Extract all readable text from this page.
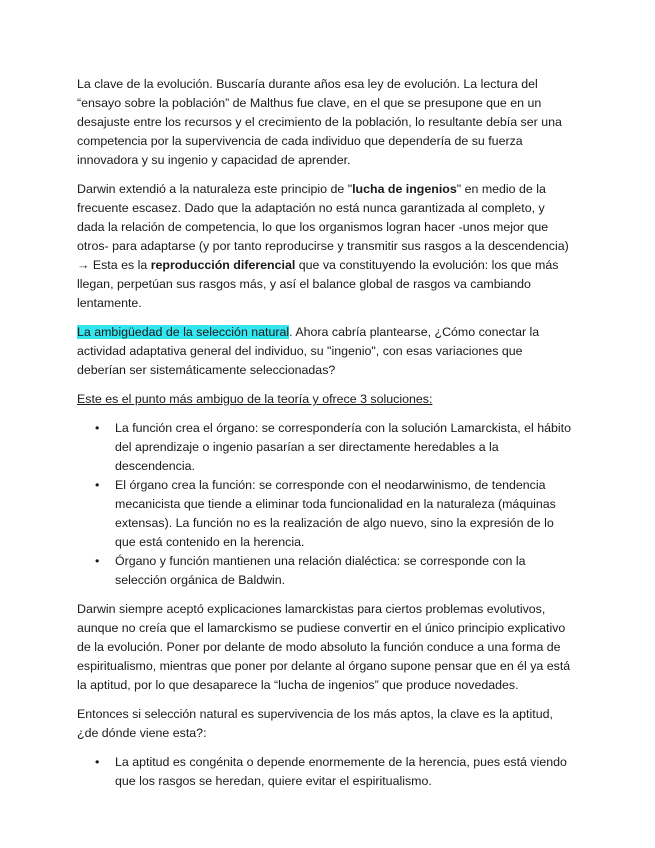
La clave de la evolución. Buscaría durante años esa ley de evolución. La lectura del “ensayo sobre la población” de Malthus fue clave, en el que se presupone que en un desajuste entre los recursos y el crecimiento de la población, lo resultante debía ser una competencia por la supervivencia de cada individuo que dependería de su fuerza innovadora y su ingenio y capacidad de aprender.

Darwin extendió a la naturaleza este principio de "lucha de ingenios" en medio de la frecuente escasez. Dado que la adaptación no está nunca garantizada al completo, y dada la relación de competencia, lo que los organismos logran hacer -unos mejor que otros- para adaptarse (y por tanto reproducirse y transmitir sus rasgos a la descendencia) → Esta es la reproducción diferencial que va constituyendo la evolución: los que más llegan, perpetúan sus rasgos más, y así el balance global de rasgos va cambiando lentamente.

La ambigüedad de la selección natural. Ahora cabría plantearse, ¿Cómo conectar la actividad adaptativa general del individuo, su "ingenio", con esas variaciones que deberían ser sistemáticamente seleccionadas?

Este es el punto más ambiguo de la teoría y ofrece 3 soluciones:

• La función crea el órgano: se correspondería con la solución Lamarckista, el hábito del aprendizaje o ingenio pasarían a ser directamente heredables a la descendencia.
• El órgano crea la función: se corresponde con el neodarwinismo, de tendencia mecanicista que tiende a eliminar toda funcionalidad en la naturaleza (máquinas extensas). La función no es la realización de algo nuevo, sino la expresión de lo que está contenido en la herencia.
• Órgano y función mantienen una relación dialéctica: se corresponde con la selección orgánica de Baldwin.

Darwin siempre aceptó explicaciones lamarckistas para ciertos problemas evolutivos, aunque no creía que el lamarckismo se pudiese convertir en el único principio explicativo de la evolución. Poner por delante de modo absoluto la función conduce a una forma de espiritualismo, mientras que poner por delante al órgano supone pensar que en él ya está la aptitud, por lo que desaparece la “lucha de ingenios” que produce novedades.

Entonces si selección natural es supervivencia de los más aptos, la clave es la aptitud, ¿de dónde viene esta?:

• La aptitud es congénita o depende enormemente de la herencia, pues está viendo que los rasgos se heredan, quiere evitar el espiritualismo.
